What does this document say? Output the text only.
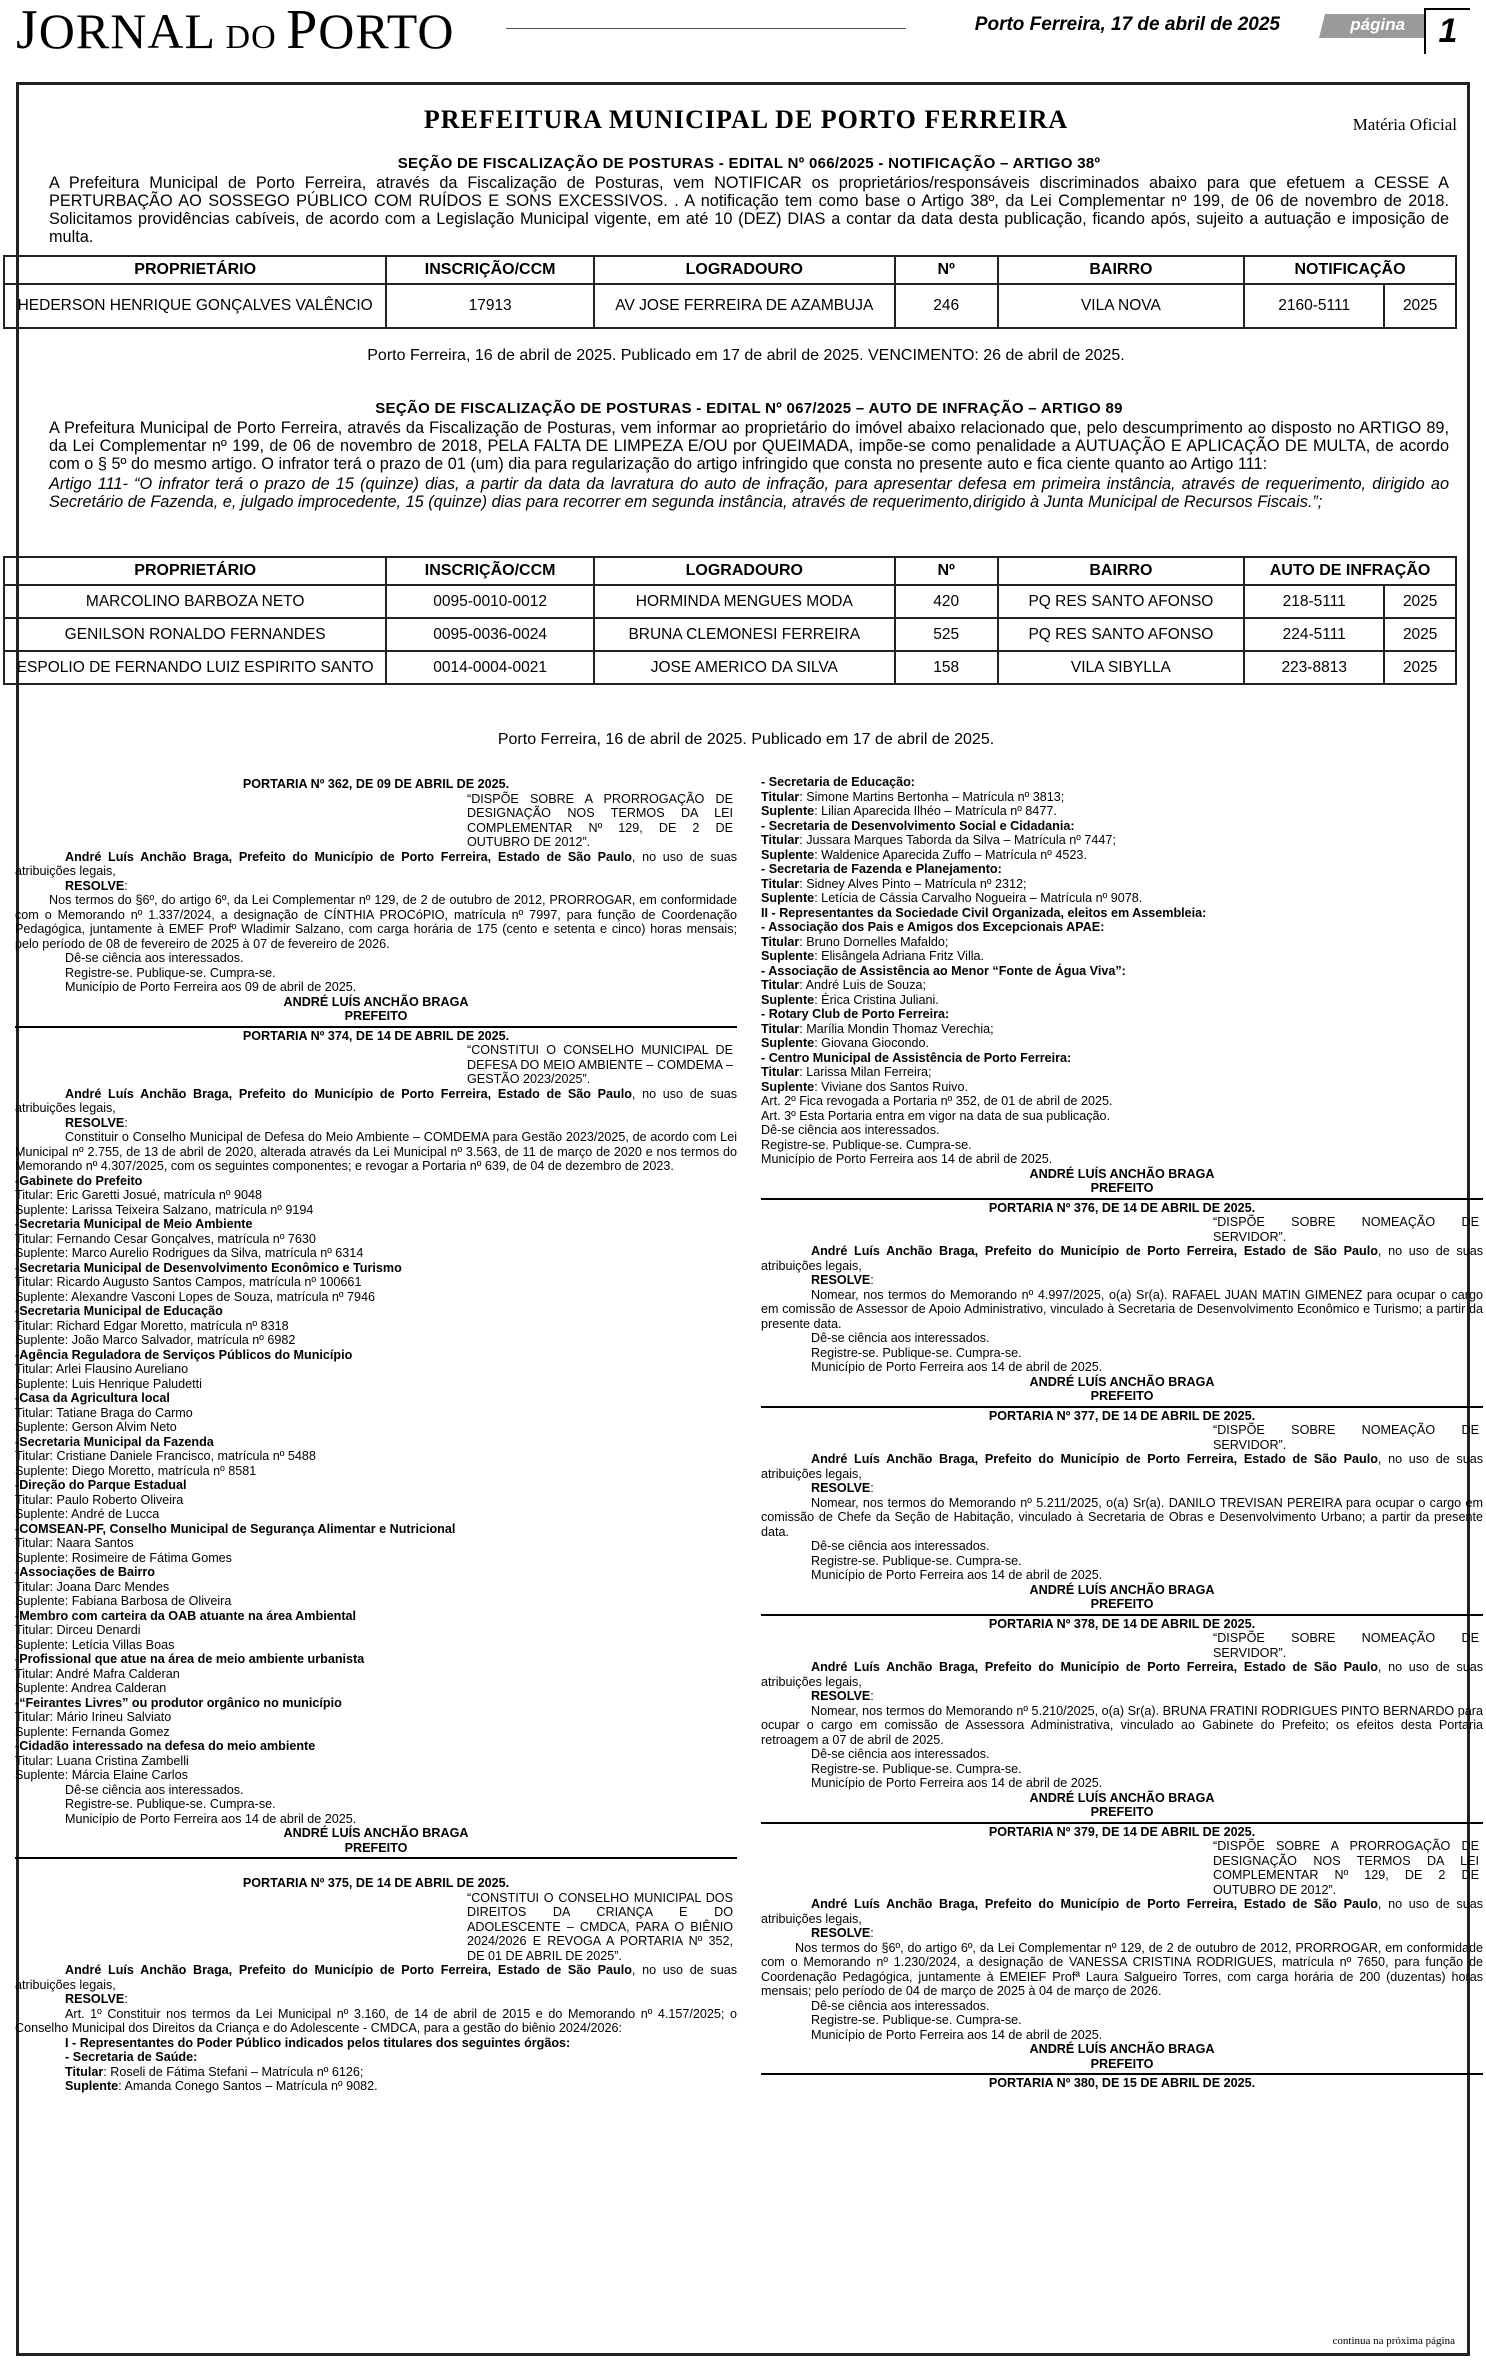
JORNAL DO PORTO	Porto Ferreira, 17 de abril de 2025	página 1
PREFEITURA MUNICIPAL DE PORTO FERREIRA	Matéria Oficial
SEÇÃO DE FISCALIZAÇÃO DE POSTURAS - EDITAL Nº 066/2025 - NOTIFICAÇÃO – ARTIGO 38º

A Prefeitura Municipal de Porto Ferreira, através da Fiscalização de Posturas, vem NOTIFICAR os proprietários/responsáveis discriminados abaixo para que efetuem a CESSE A PERTURBAÇÃO AO SOSSEGO PÚBLICO COM RUÍDOS E SONS EXCESSIVOS. . A notificação tem como base o Artigo 38º, da Lei Complementar nº 199, de 06 de novembro de 2018. Solicitamos providências cabíveis, de acordo com a Legislação Municipal vigente, em até 10 (DEZ) DIAS a contar da data desta publicação, ficando após, sujeito a autuação e imposição de multa.

PROPRIETÁRIO	INSCRIÇÃO/CCM	LOGRADOURO	Nº	BAIRRO	NOTIFICAÇÃO	
HEDERSON HENRIQUE GONÇALVES VALÊNCIO	17913	AV JOSE FERREIRA DE AZAMBUJA	246	VILA NOVA	2160-5111	2025
Porto Ferreira, 16 de abril de 2025. Publicado em 17 de abril de 2025. VENCIMENTO: 26 de abril de 2025.
SEÇÃO DE FISCALIZAÇÃO DE POSTURAS - EDITAL Nº 067/2025 – AUTO DE INFRAÇÃO – ARTIGO 89

A Prefeitura Municipal de Porto Ferreira, através da Fiscalização de Posturas, vem informar ao proprietário do imóvel abaixo relacionado que, pelo descumprimento ao disposto no ARTIGO 89, da Lei Complementar nº 199, de 06 de novembro de 2018, PELA FALTA DE LIMPEZA E/OU por QUEIMADA, impõe-se como penalidade a AUTUAÇÃO E APLICAÇÃO DE MULTA, de acordo com o § 5º do mesmo artigo. O infrator terá o prazo de 01 (um) dia para regularização do artigo infringido que consta no presente auto e fica ciente quanto ao Artigo 111:

Artigo 111- “O infrator terá o prazo de 15 (quinze) dias, a partir da data da lavratura do auto de infração, para apresentar defesa em primeira instância, através de requerimento, dirigido ao Secretário de Fazenda, e, julgado improcedente, 15 (quinze) dias para recorrer em segunda instância, através de requerimento,dirigido à Junta Municipal de Recursos Fiscais.”;

PROPRIETÁRIO	INSCRIÇÃO/CCM	LOGRADOURO	Nº	BAIRRO	AUTO DE INFRAÇÃO	
MARCOLINO BARBOZA NETO	0095-0010-0012	HORMINDA MENGUES MODA	420	PQ RES SANTO AFONSO	218-5111	2025
GENILSON RONALDO FERNANDES	0095-0036-0024	BRUNA CLEMONESI FERREIRA	525	PQ RES SANTO AFONSO	224-5111	2025
ESPOLIO DE FERNANDO LUIZ ESPIRITO SANTO	0014-0004-0021	JOSE AMERICO DA SILVA	158	VILA SIBYLLA	223-8813	2025
Porto Ferreira, 16 de abril de 2025. Publicado em 17 de abril de 2025.

PORTARIA Nº 362, DE 09 DE ABRIL DE 2025.

“DISPÕE SOBRE A PRORROGAÇÃO DE DESIGNAÇÃO NOS TERMOS DA LEI COMPLEMENTAR Nº 129, DE 2 DE OUTUBRO DE 2012”.

André Luís Anchão Braga, Prefeito do Município de Porto Ferreira, Estado de São Paulo, no uso de suas atribuições legais,

RESOLVE:

Nos termos do §6º, do artigo 6º, da Lei Complementar nº 129, de 2 de outubro de 2012, PRORROGAR, em conformidade com o Memorando nº 1.337/2024, a designação de CÍNTHIA PROCóPIO, matrícula nº 7997, para função de Coordenação Pedagógica, juntamente à EMEF Profº Wladimir Salzano, com carga horária de 175 (cento e setenta e cinco) horas mensais; pelo período de 08 de fevereiro de 2025 à 07 de fevereiro de 2026.

Dê-se ciência aos interessados.

Registre-se. Publique-se. Cumpra-se.

Município de Porto Ferreira aos 09 de abril de 2025.

ANDRÉ LUÍS ANCHÃO BRAGA

PREFEITO

PORTARIA Nº 374, DE 14 DE ABRIL DE 2025.

“CONSTITUI O CONSELHO MUNICIPAL DE DEFESA DO MEIO AMBIENTE – COMDEMA – GESTÃO 2023/2025”.

André Luís Anchão Braga, Prefeito do Município de Porto Ferreira, Estado de São Paulo, no uso de suas atribuições legais,

RESOLVE:

Constituir o Conselho Municipal de Defesa do Meio Ambiente – COMDEMA para Gestão 2023/2025, de acordo com Lei Municipal nº 2.755, de 13 de abril de 2020, alterada através da Lei Municipal nº 3.563, de 11 de março de 2020 e nos termos do Memorando nº 4.307/2025, com os seguintes componentes; e revogar a Portaria nº 639, de 04 de dezembro de 2023.

-Gabinete do Prefeito

Titular: Eric Garetti Josué, matrícula nº 9048

Suplente: Larissa Teixeira Salzano, matrícula nº 9194

-Secretaria Municipal de Meio Ambiente

Titular: Fernando Cesar Gonçalves, matrícula nº 7630

Suplente: Marco Aurelio Rodrigues da Silva, matrícula nº 6314

-Secretaria Municipal de Desenvolvimento Econômico e Turismo

Titular: Ricardo Augusto Santos Campos, matrícula nº 100661

Suplente: Alexandre Vasconi Lopes de Souza, matrícula nº 7946

-Secretaria Municipal de Educação

Titular: Richard Edgar Moretto, matrícula nº 8318

Suplente: João Marco Salvador, matrícula nº 6982

-Agência Reguladora de Serviços Públicos do Município

Titular: Arlei Flausino Aureliano

Suplente: Luis Henrique Paludetti

-Casa da Agricultura local

Titular: Tatiane Braga do Carmo

Suplente: Gerson Alvim Neto

-Secretaria Municipal da Fazenda

Titular: Cristiane Daniele Francisco, matrícula nº 5488

Suplente: Diego Moretto, matrícula nº 8581

-Direção do Parque Estadual

Titular: Paulo Roberto Oliveira

Suplente: André de Lucca

-COMSEAN-PF, Conselho Municipal de Segurança Alimentar e Nutricional

Titular: Naara Santos

Suplente: Rosimeire de Fátima Gomes

-Associações de Bairro

Titular: Joana Darc Mendes

Suplente: Fabiana Barbosa de Oliveira

-Membro com carteira da OAB atuante na área Ambiental

Titular: Dirceu Denardi

Suplente: Letícia Villas Boas

-Profissional que atue na área de meio ambiente urbanista

Titular: André Mafra Calderan

Suplente: Andrea Calderan

-“Feirantes Livres” ou produtor orgânico no município

Titular: Mário Irineu Salviato

Suplente: Fernanda Gomez

-Cidadão interessado na defesa do meio ambiente

Titular: Luana Cristina Zambelli

Suplente: Márcia Elaine Carlos

Dê-se ciência aos interessados.

Registre-se. Publique-se. Cumpra-se.

Município de Porto Ferreira aos 14 de abril de 2025.

ANDRÉ LUÍS ANCHÃO BRAGA

PREFEITO

PORTARIA Nº 375, DE 14 DE ABRIL DE 2025.

“CONSTITUI O CONSELHO MUNICIPAL DOS DIREITOS DA CRIANÇA E DO ADOLESCENTE – CMDCA, PARA O BIÊNIO 2024/2026 E REVOGA A PORTARIA Nº 352, DE 01 DE ABRIL DE 2025”.

André Luís Anchão Braga, Prefeito do Município de Porto Ferreira, Estado de São Paulo, no uso de suas atribuições legais,

RESOLVE:

Art. 1º Constituir nos termos da Lei Municipal nº 3.160, de 14 de abril de 2015 e do Memorando nº 4.157/2025; o Conselho Municipal dos Direitos da Criança e do Adolescente - CMDCA, para a gestão do biênio 2024/2026:

I - Representantes do Poder Público indicados pelos titulares dos seguintes órgãos:

- Secretaria de Saúde:

Titular: Roseli de Fátima Stefani – Matrícula nº 6126;

Suplente: Amanda Conego Santos – Matrícula nº 9082.

- Secretaria de Educação:

Titular: Simone Martins Bertonha – Matrícula nº 3813;

Suplente: Lilian Aparecida Ilhéo – Matrícula nº 8477.

- Secretaria de Desenvolvimento Social e Cidadania:

Titular: Jussara Marques Taborda da Silva – Matrícula nº 7447;

Suplente: Waldenice Aparecida Zuffo – Matrícula nº 4523.

- Secretaria de Fazenda e Planejamento:

Titular: Sidney Alves Pinto – Matrícula nº 2312;

Suplente: Letícia de Cássia Carvalho Nogueira – Matrícula nº 9078.

II - Representantes da Sociedade Civil Organizada, eleitos em Assembleia:

- Associação dos Pais e Amigos dos Excepcionais APAE:

Titular: Bruno Dornelles Mafaldo;

Suplente: Elisângela Adriana Fritz Villa.

- Associação de Assistência ao Menor “Fonte de Água Viva”:

Titular: André Luis de Souza;

Suplente: Érica Cristina Juliani.

- Rotary Club de Porto Ferreira:

Titular: Marília Mondin Thomaz Verechia;

Suplente: Giovana Giocondo.

- Centro Municipal de Assistência de Porto Ferreira:

Titular: Larissa Milan Ferreira;

Suplente: Viviane dos Santos Ruivo.

Art. 2º Fica revogada a Portaria nº 352, de 01 de abril de 2025.

Art. 3º Esta Portaria entra em vigor na data de sua publicação.

Dê-se ciência aos interessados.

Registre-se. Publique-se. Cumpra-se.

Município de Porto Ferreira aos 14 de abril de 2025.

ANDRÉ LUÍS ANCHÃO BRAGA

PREFEITO

PORTARIA Nº 376, DE 14 DE ABRIL DE 2025.

“DISPÕE SOBRE NOMEAÇÃO DE SERVIDOR”.

André Luís Anchão Braga, Prefeito do Município de Porto Ferreira, Estado de São Paulo, no uso de suas atribuições legais,

RESOLVE:

Nomear, nos termos do Memorando nº 4.997/2025, o(a) Sr(a). RAFAEL JUAN MATIN GIMENEZ para ocupar o cargo em comissão de Assessor de Apoio Administrativo, vinculado à Secretaria de Desenvolvimento Econômico e Turismo; a partir da presente data.

Dê-se ciência aos interessados.

Registre-se. Publique-se. Cumpra-se.

Município de Porto Ferreira aos 14 de abril de 2025.

ANDRÉ LUÍS ANCHÃO BRAGA

PREFEITO

PORTARIA Nº 377, DE 14 DE ABRIL DE 2025.

“DISPÕE SOBRE NOMEAÇÃO DE SERVIDOR”.

André Luís Anchão Braga, Prefeito do Município de Porto Ferreira, Estado de São Paulo, no uso de suas atribuições legais,

RESOLVE:

Nomear, nos termos do Memorando nº 5.211/2025, o(a) Sr(a). DANILO TREVISAN PEREIRA para ocupar o cargo em comissão de Chefe da Seção de Habitação, vinculado à Secretaria de Obras e Desenvolvimento Urbano; a partir da presente data.

Dê-se ciência aos interessados.

Registre-se. Publique-se. Cumpra-se.

Município de Porto Ferreira aos 14 de abril de 2025.

ANDRÉ LUÍS ANCHÃO BRAGA

PREFEITO

PORTARIA Nº 378, DE 14 DE ABRIL DE 2025.

“DISPÕE SOBRE NOMEAÇÃO DE SERVIDOR”.

André Luís Anchão Braga, Prefeito do Município de Porto Ferreira, Estado de São Paulo, no uso de suas atribuições legais,

RESOLVE:

Nomear, nos termos do Memorando nº 5.210/2025, o(a) Sr(a). BRUNA FRATINI RODRIGUES PINTO BERNARDO para ocupar o cargo em comissão de Assessora Administrativa, vinculado ao Gabinete do Prefeito; os efeitos desta Portaria retroagem a 07 de abril de 2025.

Dê-se ciência aos interessados.

Registre-se. Publique-se. Cumpra-se.

Município de Porto Ferreira aos 14 de abril de 2025.

ANDRÉ LUÍS ANCHÃO BRAGA

PREFEITO

PORTARIA Nº 379, DE 14 DE ABRIL DE 2025.

“DISPÕE SOBRE A PRORROGAÇÃO DE DESIGNAÇÃO NOS TERMOS DA LEI COMPLEMENTAR Nº 129, DE 2 DE OUTUBRO DE 2012”.

André Luís Anchão Braga, Prefeito do Município de Porto Ferreira, Estado de São Paulo, no uso de suas atribuições legais,

RESOLVE:

Nos termos do §6º, do artigo 6º, da Lei Complementar nº 129, de 2 de outubro de 2012, PRORROGAR, em conformidade com o Memorando nº 1.230/2024, a designação de VANESSA CRISTINA RODRIGUES, matrícula nº 7650, para função de Coordenação Pedagógica, juntamente à EMEIEF Profª Laura Salgueiro Torres, com carga horária de 200 (duzentas) horas mensais; pelo período de 04 de março de 2025 à 04 de março de 2026.

Dê-se ciência aos interessados.

Registre-se. Publique-se. Cumpra-se.

Município de Porto Ferreira aos 14 de abril de 2025.

ANDRÉ LUÍS ANCHÃO BRAGA

PREFEITO

PORTARIA Nº 380, DE 15 DE ABRIL DE 2025.

continua na próxima página
